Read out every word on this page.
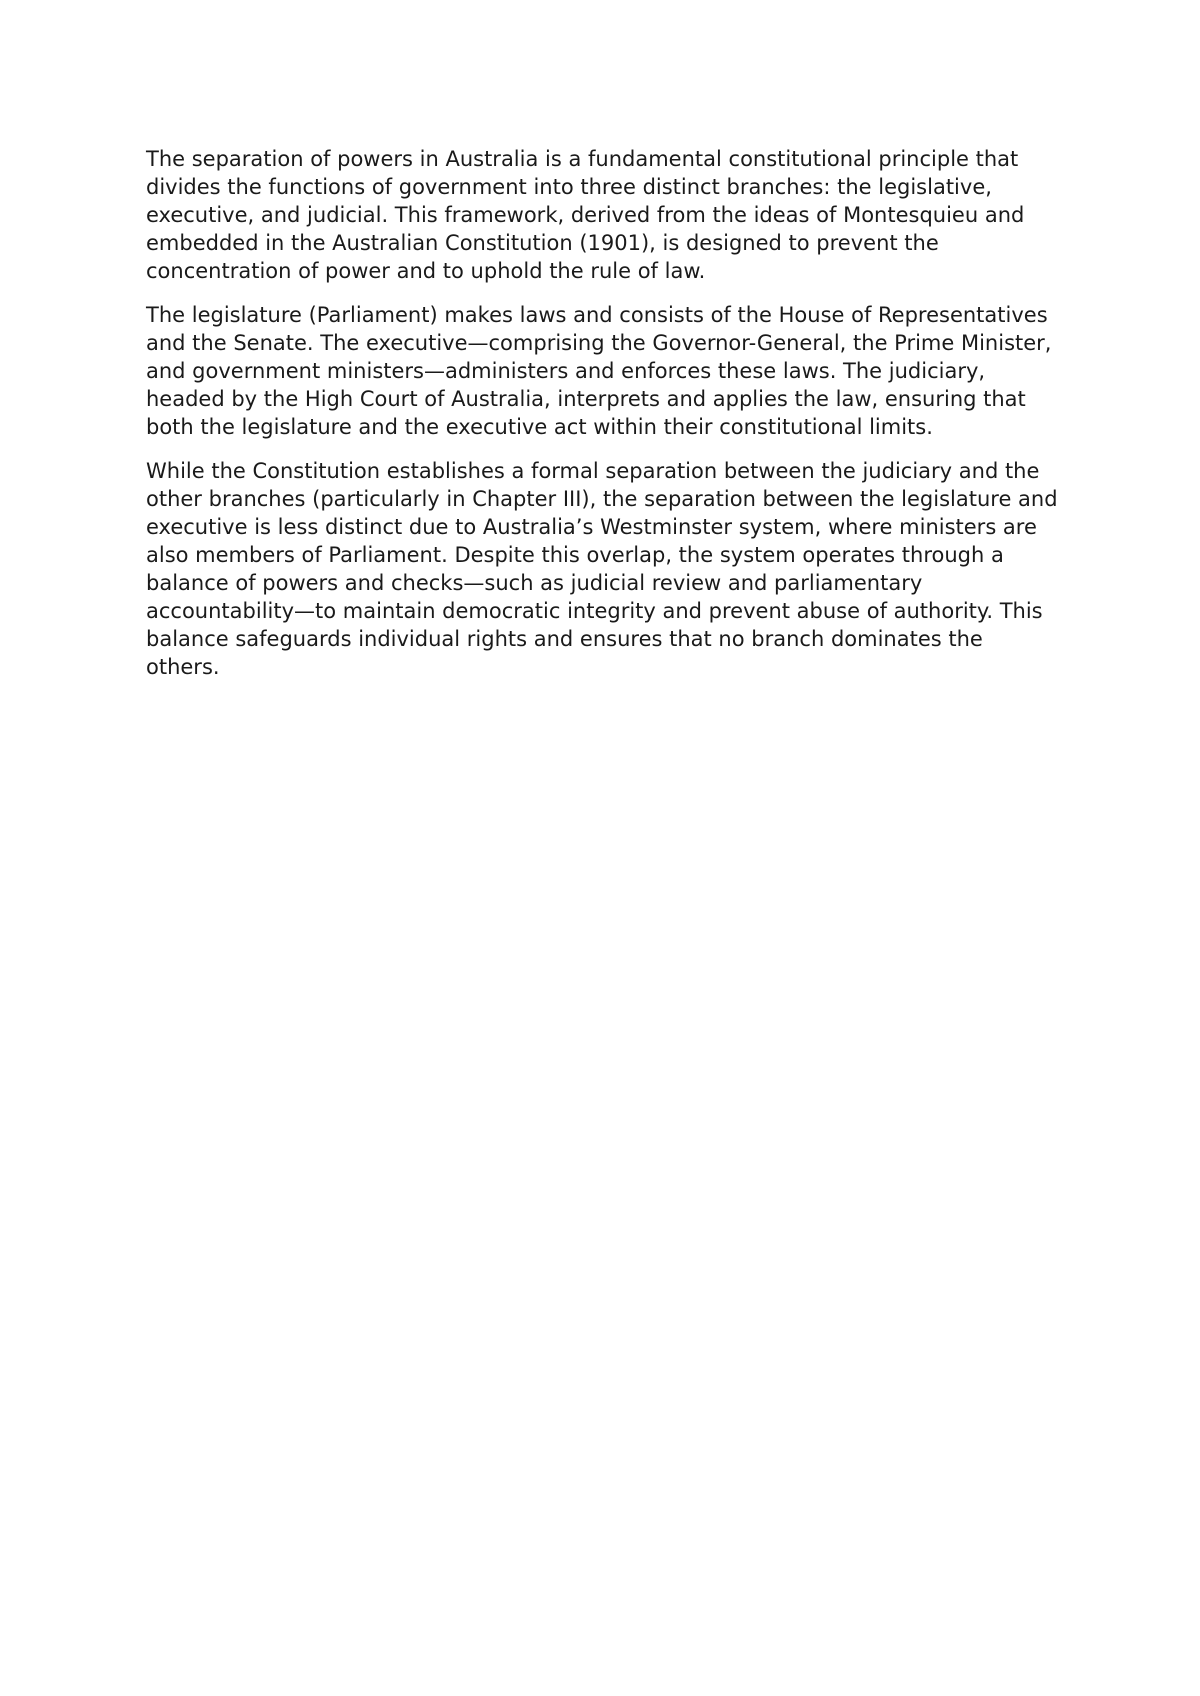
The separation of powers in Australia is a fundamental constitutional principle that divides the functions of government into three distinct branches: the legislative, executive, and judicial. This framework, derived from the ideas of Montesquieu and embedded in the Australian Constitution (1901), is designed to prevent the concentration of power and to uphold the rule of law.

The legislature (Parliament) makes laws and consists of the House of Representatives and the Senate. The executive—comprising the Governor-General, the Prime Minister, and government ministers—administers and enforces these laws. The judiciary, headed by the High Court of Australia, interprets and applies the law, ensuring that both the legislature and the executive act within their constitutional limits.

While the Constitution establishes a formal separation between the judiciary and the other branches (particularly in Chapter III), the separation between the legislature and executive is less distinct due to Australia’s Westminster system, where ministers are also members of Parliament. Despite this overlap, the system operates through a balance of powers and checks—such as judicial review and parliamentary accountability—to maintain democratic integrity and prevent abuse of authority. This balance safeguards individual rights and ensures that no branch dominates the others.
